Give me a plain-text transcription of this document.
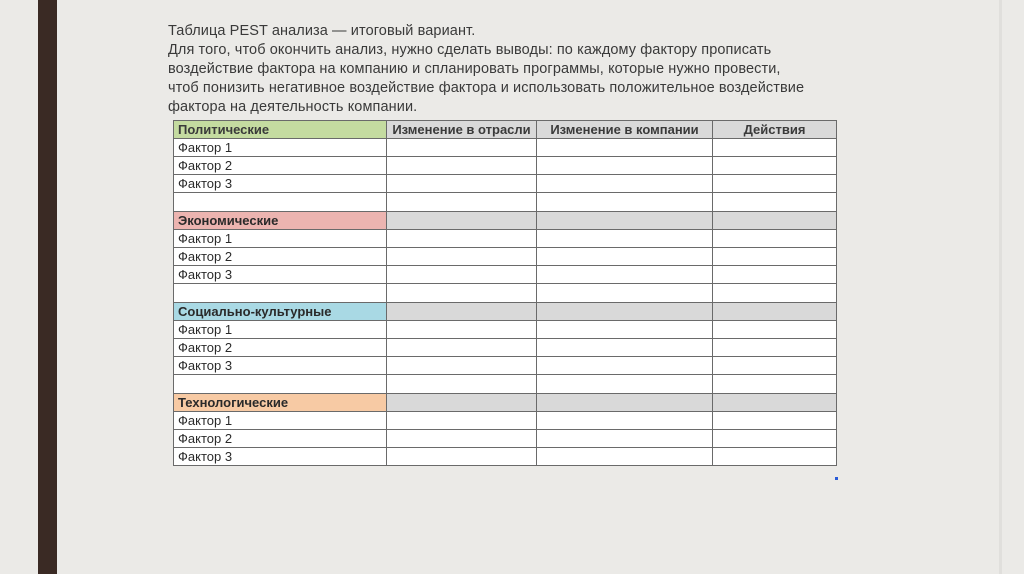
Таблица PEST анализа — итоговый вариант.
Для того, чтоб окончить анализ, нужно сделать выводы: по каждому фактору прописать
воздействие фактора на компанию и спланировать программы, которые нужно провести,
чтоб понизить негативное воздействие фактора и использовать положительное воздействие
фактора на деятельность компании.
Политические	Изменение в отрасли	Изменение в компании	Действия
Фактор 1			
Фактор 2			
Фактор 3			

Экономические			
Фактор 1			
Фактор 2			
Фактор 3			

Социально-культурные			
Фактор 1			
Фактор 2			
Фактор 3			

Технологические			
Фактор 1			
Фактор 2			
Фактор 3			
